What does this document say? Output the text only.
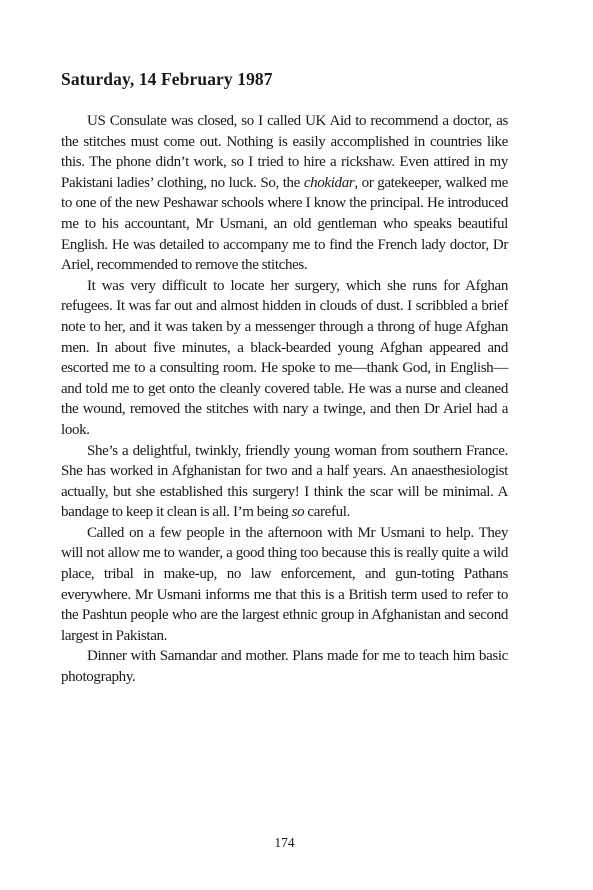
Saturday, 14 February 1987

US Consulate was closed, so I called UK Aid to recommend a doctor, as the stitches must come out. Nothing is easily accomplished in countries like this. The phone didn’t work, so I tried to hire a rickshaw. Even attired in my Pakistani ladies’ clothing, no luck. So, the chokidar, or gatekeeper, walked me to one of the new Peshawar schools where I know the principal. He introduced me to his accountant, Mr Usmani, an old gentleman who speaks beautiful English. He was detailed to accompany me to find the French lady doctor, Dr Ariel, recommended to remove the stitches.

It was very difficult to locate her surgery, which she runs for Afghan refugees. It was far out and almost hidden in clouds of dust. I scribbled a brief note to her, and it was taken by a messenger through a throng of huge Afghan men. In about five minutes, a black-bearded young Afghan appeared and escorted me to a consulting room. He spoke to me—thank God, in English—and told me to get onto the cleanly covered table. He was a nurse and cleaned the wound, removed the stitches with nary a twinge, and then Dr Ariel had a look.

She’s a delightful, twinkly, friendly young woman from southern France. She has worked in Afghanistan for two and a half years. An anaesthesiologist actually, but she established this surgery! I think the scar will be minimal. A bandage to keep it clean is all. I’m being so careful.

Called on a few people in the afternoon with Mr Usmani to help. They will not allow me to wander, a good thing too because this is really quite a wild place, tribal in make-up, no law enforcement, and gun-toting Pathans everywhere. Mr Usmani informs me that this is a British term used to refer to the Pashtun people who are the largest ethnic group in Afghanistan and second largest in Pakistan.

Dinner with Samandar and mother. Plans made for me to teach him basic photography.

174
